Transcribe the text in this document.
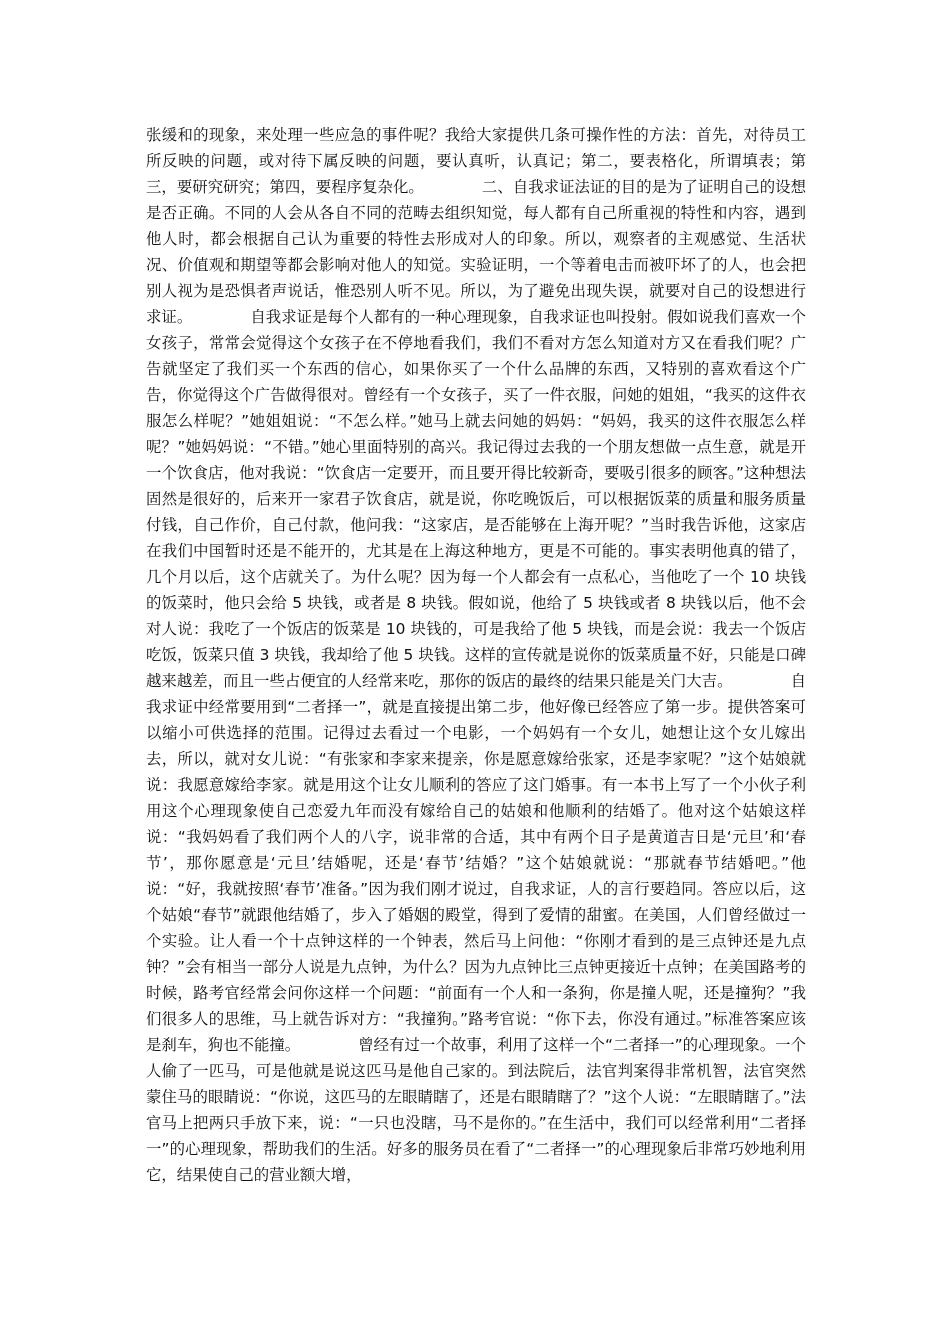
张缓和的现象，来处理一些应急的事件呢？我给大家提供几条可操作性的方法：首先，对待员工所反映的问题，或对待下属反映的问题，要认真听，认真记；第二，要表格化，所谓填表；第三，要研究研究；第四，要程序复杂化。	二、自我求证法证的目的是为了证明自己的设想是否正确。不同的人会从各自不同的范畴去组织知觉，每人都有自己所重视的特性和内容，遇到他人时，都会根据自己认为重要的特性去形成对人的印象。所以，观察者的主观感觉、生活状况、价值观和期望等都会影响对他人的知觉。实验证明，一个等着电击而被吓坏了的人，也会把别人视为是恐惧者声说话，惟恐别人听不见。所以，为了避免出现失误，就要对自己的设想进行求证。	自我求证是每个人都有的一种心理现象，自我求证也叫投射。假如说我们喜欢一个女孩子，常常会觉得这个女孩子在不停地看我们，我们不看对方怎么知道对方又在看我们呢？广告就坚定了我们买一个东西的信心，如果你买了一个什么品牌的东西，又特别的喜欢看这个广告，你觉得这个广告做得很对。曾经有一个女孩子，买了一件衣服，问她的姐姐，“我买的这件衣服怎么样呢？”她姐姐说：“不怎么样。”她马上就去问她的妈妈：“妈妈，我买的这件衣服怎么样呢？”她妈妈说：“不错。”她心里面特别的高兴。我记得过去我的一个朋友想做一点生意，就是开一个饮食店，他对我说：“饮食店一定要开，而且要开得比较新奇，要吸引很多的顾客。”这种想法固然是很好的，后来开一家君子饮食店，就是说，你吃晚饭后，可以根据饭菜的质量和服务质量付钱，自己作价，自己付款，他问我：“这家店，是否能够在上海开呢？”当时我告诉他，这家店在我们中国暂时还是不能开的，尤其是在上海这种地方，更是不可能的。事实表明他真的错了，几个月以后，这个店就关了。为什么呢？因为每一个人都会有一点私心，当他吃了一个 10 块钱的饭菜时，他只会给 5 块钱，或者是 8 块钱。假如说，他给了 5 块钱或者 8 块钱以后，他不会对人说：我吃了一个饭店的饭菜是 10 块钱的，可是我给了他 5 块钱，而是会说：我去一个饭店吃饭，饭菜只值 3 块钱，我却给了他 5 块钱。这样的宣传就是说你的饭菜质量不好，只能是口碑越来越差，而且一些占便宜的人经常来吃，那你的饭店的最终的结果只能是关门大吉。	自我求证中经常要用到“二者择一”，就是直接提出第二步，他好像已经答应了第一步。提供答案可以缩小可供选择的范围。记得过去看过一个电影，一个妈妈有一个女儿，她想让这个女儿嫁出去，所以，就对女儿说：“有张家和李家来提亲，你是愿意嫁给张家，还是李家呢？”这个姑娘就说：我愿意嫁给李家。就是用这个让女儿顺利的答应了这门婚事。有一本书上写了一个小伙子利用这个心理现象使自己恋爱九年而没有嫁给自己的姑娘和他顺利的结婚了。他对这个姑娘这样说：“我妈妈看了我们两个人的八字，说非常的合适，其中有两个日子是黄道吉日是‘元旦’和‘春节’，那你愿意是‘元旦’结婚呢，还是‘春节’结婚？”这个姑娘就说：“那就春节结婚吧。”他说：“好，我就按照‘春节’准备。”因为我们刚才说过，自我求证，人的言行要趋同。答应以后，这个姑娘“春节”就跟他结婚了，步入了婚姻的殿堂，得到了爱情的甜蜜。在美国，人们曾经做过一个实验。让人看一个十点钟这样的一个钟表，然后马上问他：“你刚才看到的是三点钟还是九点钟？”会有相当一部分人说是九点钟，为什么？因为九点钟比三点钟更接近十点钟；在美国路考的时候，路考官经常会问你这样一个问题：“前面有一个人和一条狗，你是撞人呢，还是撞狗？”我们很多人的思维，马上就告诉对方：“我撞狗。”路考官说：“你下去，你没有通过。”标准答案应该是刹车，狗也不能撞。	曾经有过一个故事，利用了这样一个“二者择一”的心理现象。一个人偷了一匹马，可是他就是说这匹马是他自己家的。到法院后，法官判案得非常机智，法官突然蒙住马的眼睛说：“你说，这匹马的左眼睛瞎了，还是右眼睛瞎了？”这个人说：“左眼睛瞎了。”法官马上把两只手放下来，说：“一只也没瞎，马不是你的。”在生活中，我们可以经常利用“二者择一”的心理现象，帮助我们的生活。好多的服务员在看了“二者择一”的心理现象后非常巧妙地利用它，结果使自己的营业额大增，
